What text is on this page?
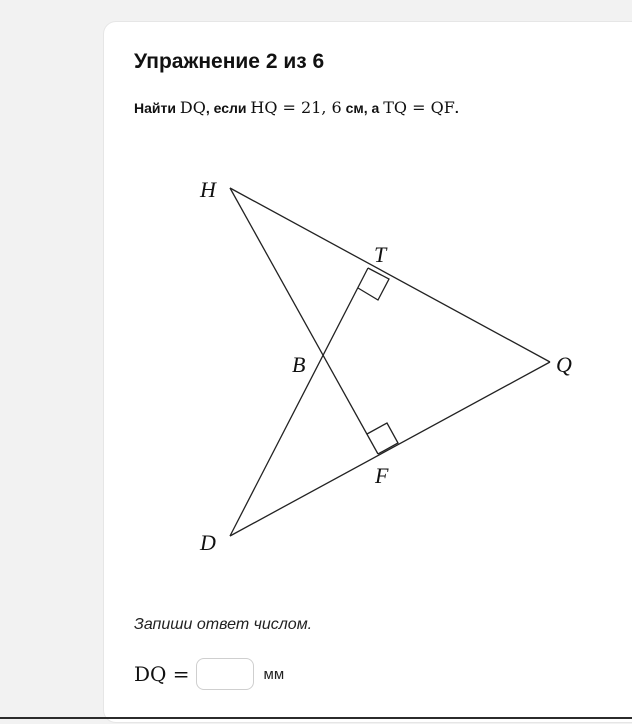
Упражнение 2 из 6
Найти DQ, если HQ = 21, 6 см, а TQ = QF.
H
T
B	Q
F
D
Запиши ответ числом.
DQ =	мм
